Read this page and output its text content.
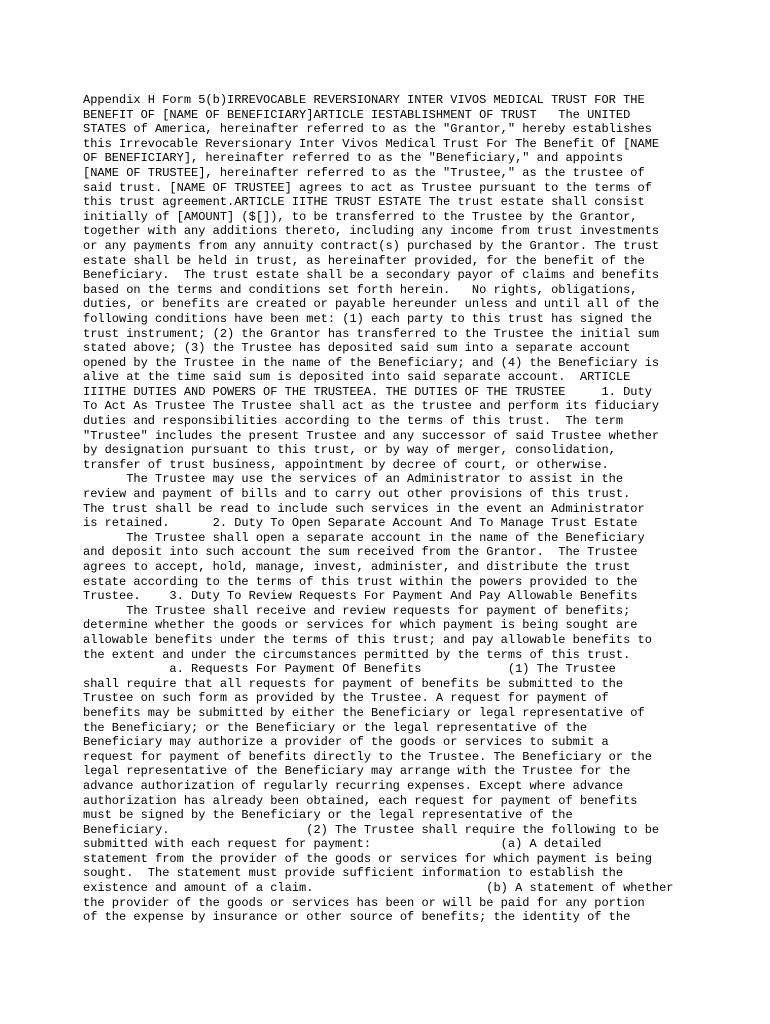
Appendix H Form 5(b)IRREVOCABLE REVERSIONARY INTER VIVOS MEDICAL TRUST FOR THE
BENEFIT OF [NAME OF BENEFICIARY]ARTICLE IESTABLISHMENT OF TRUST   The UNITED
STATES of America, hereinafter referred to as the "Grantor," hereby establishes
this Irrevocable Reversionary Inter Vivos Medical Trust For The Benefit Of [NAME
OF BENEFICIARY], hereinafter referred to as the "Beneficiary," and appoints
[NAME OF TRUSTEE], hereinafter referred to as the "Trustee," as the trustee of
said trust. [NAME OF TRUSTEE] agrees to act as Trustee pursuant to the terms of
this trust agreement.ARTICLE IITHE TRUST ESTATE The trust estate shall consist
initially of [AMOUNT] ($[]), to be transferred to the Trustee by the Grantor,
together with any additions thereto, including any income from trust investments
or any payments from any annuity contract(s) purchased by the Grantor. The trust
estate shall be held in trust, as hereinafter provided, for the benefit of the
Beneficiary.  The trust estate shall be a secondary payor of claims and benefits
based on the terms and conditions set forth herein.   No rights, obligations,
duties, or benefits are created or payable hereunder unless and until all of the
following conditions have been met: (1) each party to this trust has signed the
trust instrument; (2) the Grantor has transferred to the Trustee the initial sum
stated above; (3) the Trustee has deposited said sum into a separate account
opened by the Trustee in the name of the Beneficiary; and (4) the Beneficiary is
alive at the time said sum is deposited into said separate account.  ARTICLE
IIITHE DUTIES AND POWERS OF THE TRUSTEEA. THE DUTIES OF THE TRUSTEE     1. Duty
To Act As Trustee The Trustee shall act as the trustee and perform its fiduciary
duties and responsibilities according to the terms of this trust.  The term
"Trustee" includes the present Trustee and any successor of said Trustee whether
by designation pursuant to this trust, or by way of merger, consolidation,
transfer of trust business, appointment by decree of court, or otherwise.
The Trustee may use the services of an Administrator to assist in the
review and payment of bills and to carry out other provisions of this trust.
The trust shall be read to include such services in the event an Administrator
is retained.      2. Duty To Open Separate Account And To Manage Trust Estate
The Trustee shall open a separate account in the name of the Beneficiary
and deposit into such account the sum received from the Grantor.  The Trustee
agrees to accept, hold, manage, invest, administer, and distribute the trust
estate according to the terms of this trust within the powers provided to the
Trustee.    3. Duty To Review Requests For Payment And Pay Allowable Benefits
The Trustee shall receive and review requests for payment of benefits;
determine whether the goods or services for which payment is being sought are
allowable benefits under the terms of this trust; and pay allowable benefits to
the extent and under the circumstances permitted by the terms of this trust.
a. Requests For Payment Of Benefits            (1) The Trustee
shall require that all requests for payment of benefits be submitted to the
Trustee on such form as provided by the Trustee. A request for payment of
benefits may be submitted by either the Beneficiary or legal representative of
the Beneficiary; or the Beneficiary or the legal representative of the
Beneficiary may authorize a provider of the goods or services to submit a
request for payment of benefits directly to the Trustee. The Beneficiary or the
legal representative of the Beneficiary may arrange with the Trustee for the
advance authorization of regularly recurring expenses. Except where advance
authorization has already been obtained, each request for payment of benefits
must be signed by the Beneficiary or the legal representative of the
Beneficiary.                   (2) The Trustee shall require the following to be
submitted with each request for payment:                  (a) A detailed
statement from the provider of the goods or services for which payment is being
sought.  The statement must provide sufficient information to establish the
existence and amount of a claim.                        (b) A statement of whether
the provider of the goods or services has been or will be paid for any portion
of the expense by insurance or other source of benefits; the identity of the
